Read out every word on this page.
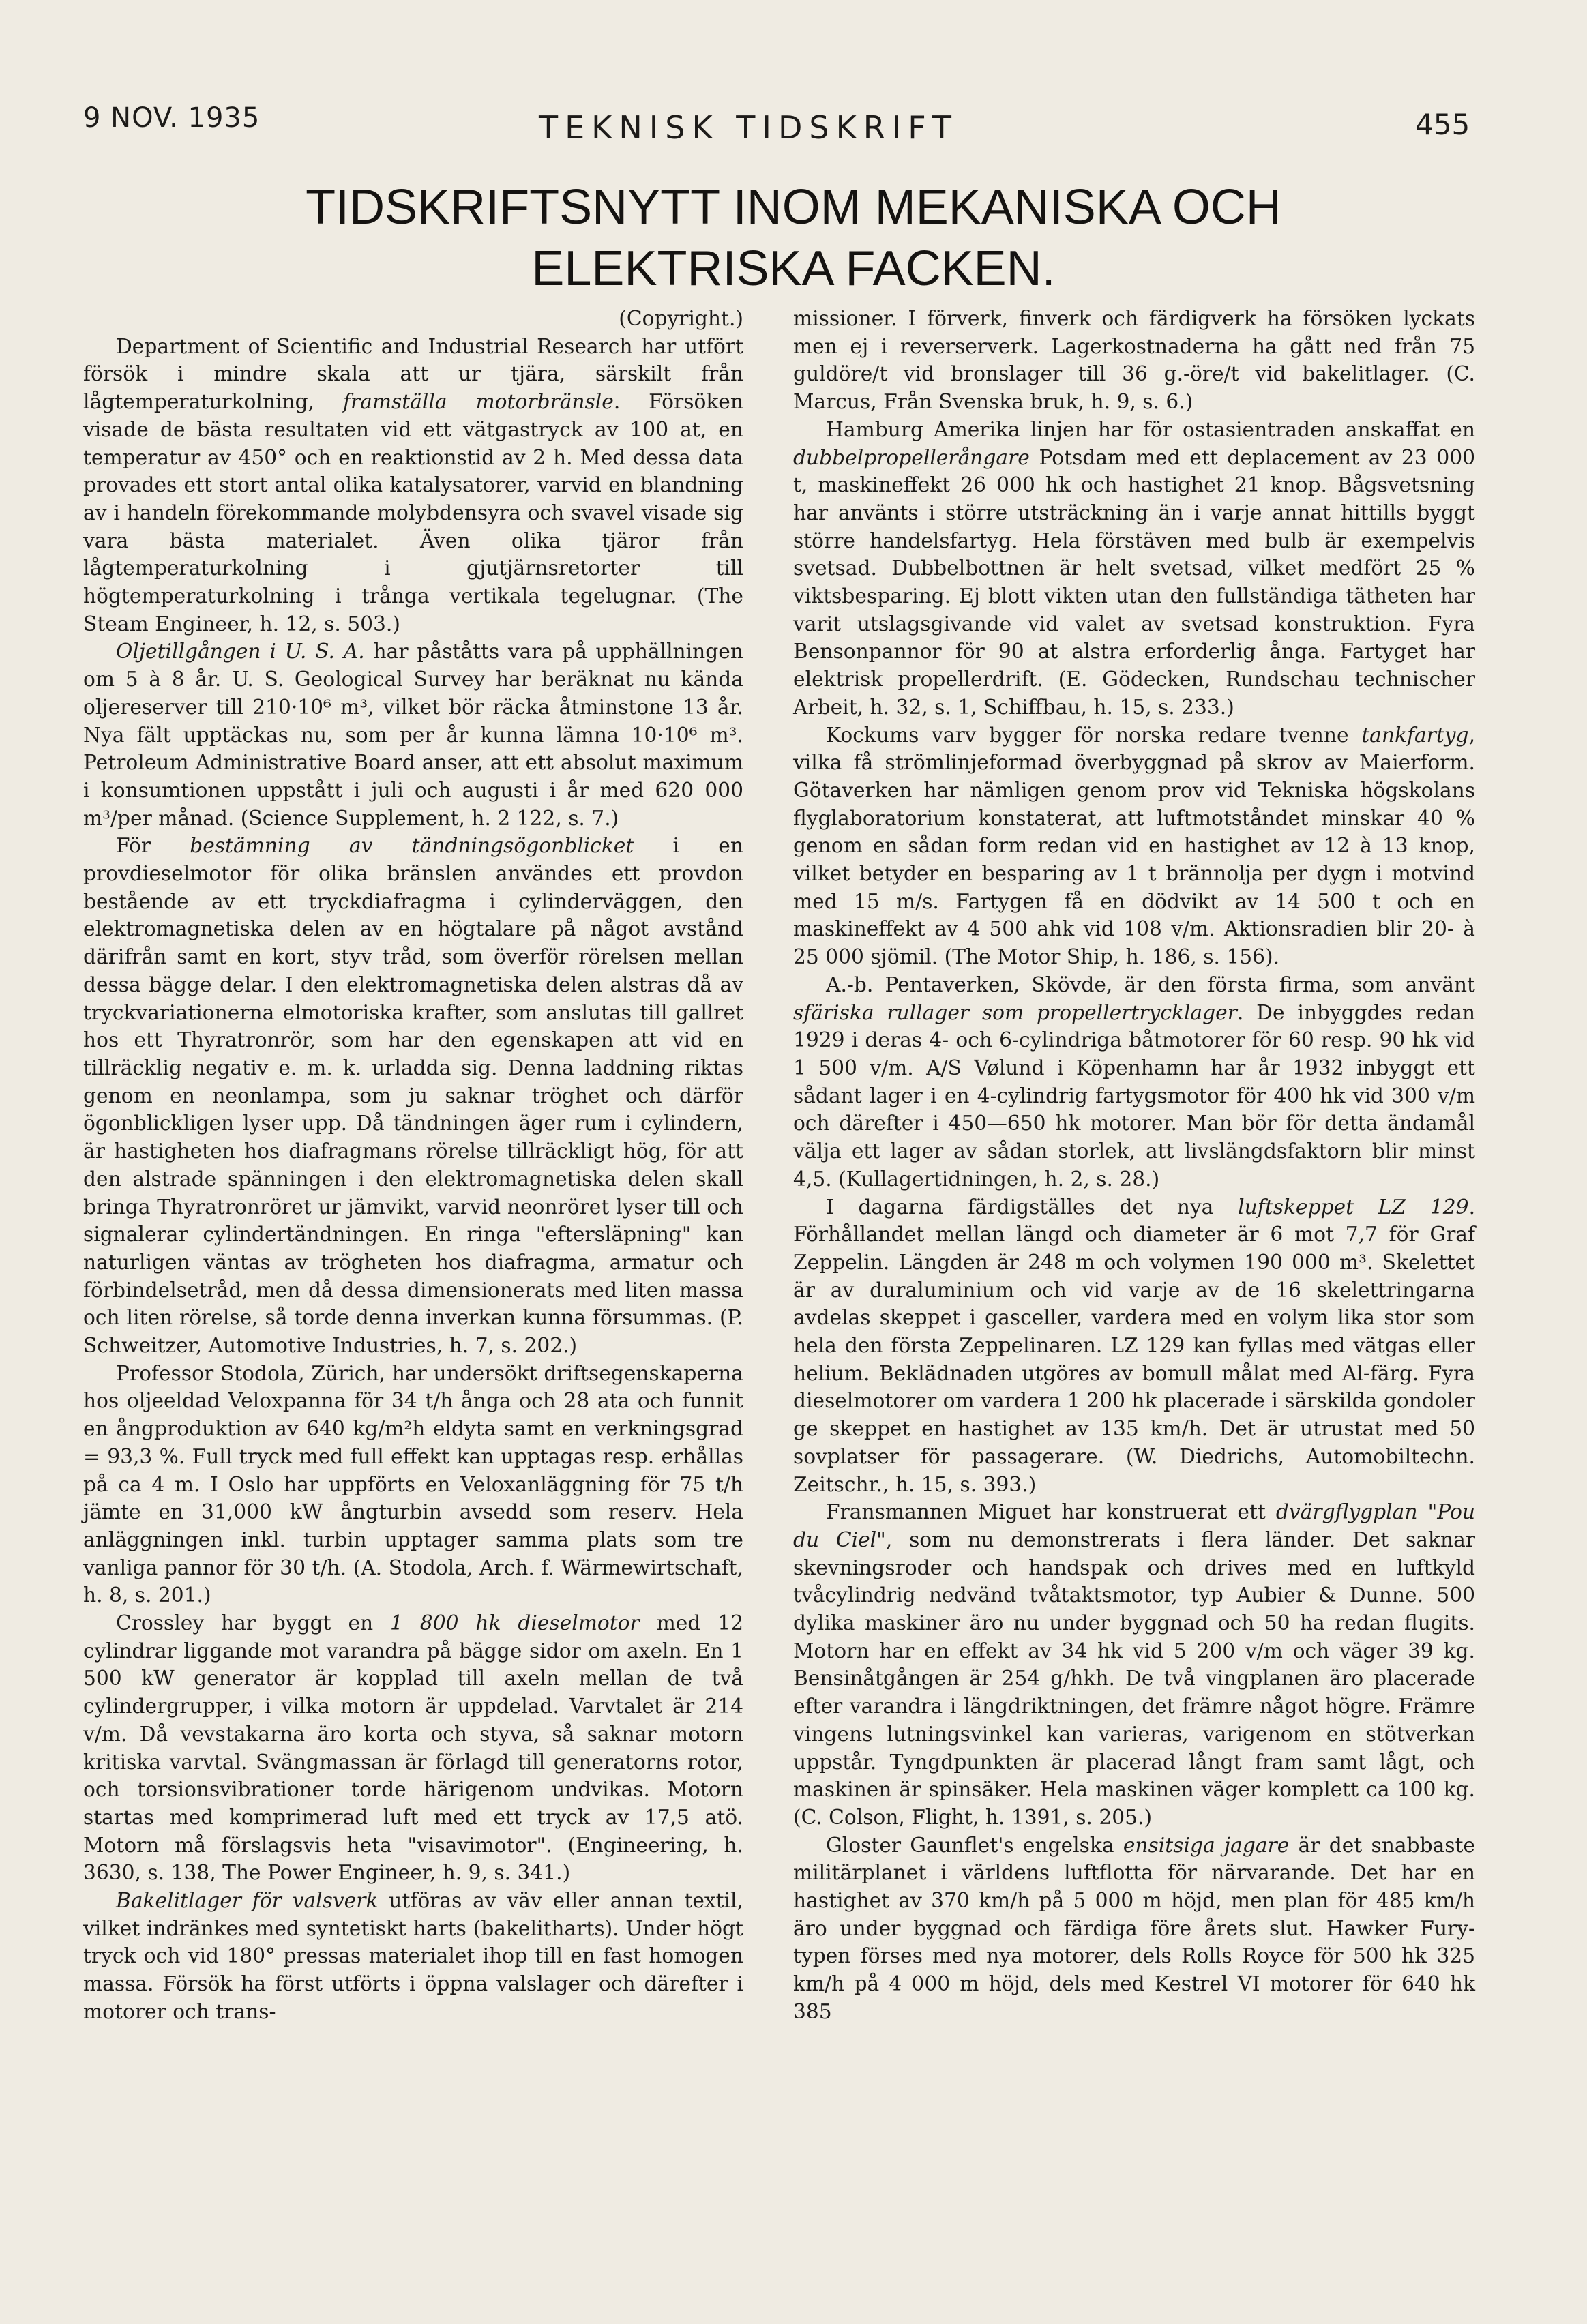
9 NOV. 1935	TEKNISK TIDSKRIFT	455
TIDSKRIFTSNYTT INOM MEKANISKA OCH
ELEKTRISKA FACKEN.

(Copyright.)

Department of Scientific and Industrial Research har utfört försök i mindre skala att ur tjära, särskilt från lågtemperaturkolning, framställa motorbränsle. Försöken visade de bästa resultaten vid ett vätgastryck av 100 at, en temperatur av 450° och en reaktionstid av 2 h. Med dessa data provades ett stort antal olika katalysatorer, varvid en blandning av i handeln förekommande molybdensyra och svavel visade sig vara bästa materialet. Även olika tjäror från lågtemperaturkolning i gjutjärnsretorter till högtemperaturkolning i trånga vertikala tegelugnar. (The Steam Engineer, h. 12, s. 503.)

Oljetillgången i U. S. A. har påståtts vara på upphällningen om 5 à 8 år. U. S. Geological Survey har beräknat nu kända oljereserver till 210·10⁶ m³, vilket bör räcka åtminstone 13 år. Nya fält upptäckas nu, som per år kunna lämna 10·10⁶ m³. Petroleum Administrative Board anser, att ett absolut maximum i konsumtionen uppstått i juli och augusti i år med 620 000 m³/per månad. (Science Supplement, h. 2 122, s. 7.)

För bestämning av tändningsögonblicket i en provdieselmotor för olika bränslen användes ett provdon bestående av ett tryckdiafragma i cylinderväggen, den elektromagnetiska delen av en högtalare på något avstånd därifrån samt en kort, styv tråd, som överför rörelsen mellan dessa bägge delar. I den elektromagnetiska delen alstras då av tryckvariationerna elmotoriska krafter, som anslutas till gallret hos ett Thyratronrör, som har den egenskapen att vid en tillräcklig negativ e. m. k. urladda sig. Denna laddning riktas genom en neonlampa, som ju saknar tröghet och därför ögonblickligen lyser upp. Då tändningen äger rum i cylindern, är hastigheten hos diafragmans rörelse tillräckligt hög, för att den alstrade spänningen i den elektromagnetiska delen skall bringa Thyratronröret ur jämvikt, varvid neonröret lyser till och signalerar cylindertändningen. En ringa "eftersläpning" kan naturligen väntas av trögheten hos diafragma, armatur och förbindelsetråd, men då dessa dimensionerats med liten massa och liten rörelse, så torde denna inverkan kunna försummas. (P. Schweitzer, Automotive Industries, h. 7, s. 202.)

Professor Stodola, Zürich, har undersökt driftsegenskaperna hos oljeeldad Veloxpanna för 34 t/h ånga och 28 ata och funnit en ångproduktion av 640 kg/m²h eldyta samt en verkningsgrad = 93,3 %. Full tryck med full effekt kan upptagas resp. erhållas på ca 4 m. I Oslo har uppförts en Veloxanläggning för 75 t/h jämte en 31,000 kW ångturbin avsedd som reserv. Hela anläggningen inkl. turbin upptager samma plats som tre vanliga pannor för 30 t/h. (A. Stodola, Arch. f. Wärmewirtschaft, h. 8, s. 201.)

Crossley har byggt en 1 800 hk dieselmotor med 12 cylindrar liggande mot varandra på bägge sidor om axeln. En 1 500 kW generator är kopplad till axeln mellan de två cylindergrupper, i vilka motorn är uppdelad. Varvtalet är 214 v/m. Då vevstakarna äro korta och styva, så saknar motorn kritiska varvtal. Svängmassan är förlagd till generatorns rotor, och torsionsvibrationer torde härigenom undvikas. Motorn startas med komprimerad luft med ett tryck av 17,5 atö. Motorn må förslagsvis heta "visavimotor". (Engineering, h. 3630, s. 138, The Power Engineer, h. 9, s. 341.)

Bakelitlager för valsverk utföras av väv eller annan textil, vilket indränkes med syntetiskt harts (bakelitharts). Under högt tryck och vid 180° pressas materialet ihop till en fast homogen massa. Försök ha först utförts i öppna valslager och därefter i motorer och trans-

missioner. I förverk, finverk och färdigverk ha försöken lyckats men ej i reverserverk. Lagerkostnaderna ha gått ned från 75 guldöre/t vid bronslager till 36 g.-öre/t vid bakelitlager. (C. Marcus, Från Svenska bruk, h. 9, s. 6.)

Hamburg Amerika linjen har för ostasientraden anskaffat en dubbelpropellerångare Potsdam med ett deplacement av 23 000 t, maskineffekt 26 000 hk och hastighet 21 knop. Bågsvetsning har använts i större utsträckning än i varje annat hittills byggt större handelsfartyg. Hela förstäven med bulb är exempelvis svetsad. Dubbelbottnen är helt svetsad, vilket medfört 25 % viktsbesparing. Ej blott vikten utan den fullständiga tätheten har varit utslagsgivande vid valet av svetsad konstruktion. Fyra Bensonpannor för 90 at alstra erforderlig ånga. Fartyget har elektrisk propellerdrift. (E. Gödecken, Rundschau technischer Arbeit, h. 32, s. 1, Schiffbau, h. 15, s. 233.)

Kockums varv bygger för norska redare tvenne tankfartyg, vilka få strömlinjeformad överbyggnad på skrov av Maierform. Götaverken har nämligen genom prov vid Tekniska högskolans flyglaboratorium konstaterat, att luftmotståndet minskar 40 % genom en sådan form redan vid en hastighet av 12 à 13 knop, vilket betyder en besparing av 1 t brännolja per dygn i motvind med 15 m/s. Fartygen få en dödvikt av 14 500 t och en maskineffekt av 4 500 ahk vid 108 v/m. Aktionsradien blir 20- à 25 000 sjömil. (The Motor Ship, h. 186, s. 156).

A.-b. Pentaverken, Skövde, är den första firma, som använt sfäriska rullager som propellertrycklager. De inbyggdes redan 1929 i deras 4- och 6-cylindriga båtmotorer för 60 resp. 90 hk vid 1 500 v/m. A/S Vølund i Köpenhamn har år 1932 inbyggt ett sådant lager i en 4-cylindrig fartygsmotor för 400 hk vid 300 v/m och därefter i 450—650 hk motorer. Man bör för detta ändamål välja ett lager av sådan storlek, att livslängdsfaktorn blir minst 4,5. (Kullagertidningen, h. 2, s. 28.)

I dagarna färdigställes det nya luftskeppet LZ 129. Förhållandet mellan längd och diameter är 6 mot 7,7 för Graf Zeppelin. Längden är 248 m och volymen 190 000 m³. Skelettet är av duraluminium och vid varje av de 16 skelettringarna avdelas skeppet i gasceller, vardera med en volym lika stor som hela den första Zeppelinaren. LZ 129 kan fyllas med vätgas eller helium. Beklädnaden utgöres av bomull målat med Al-färg. Fyra dieselmotorer om vardera 1 200 hk placerade i särskilda gondoler ge skeppet en hastighet av 135 km/h. Det är utrustat med 50 sovplatser för passagerare. (W. Diedrichs, Automobiltechn. Zeitschr., h. 15, s. 393.)

Fransmannen Miguet har konstruerat ett dvärgflygplan "Pou du Ciel", som nu demonstrerats i flera länder. Det saknar skevningsroder och handspak och drives med en luftkyld tvåcylindrig nedvänd tvåtaktsmotor, typ Aubier & Dunne. 500 dylika maskiner äro nu under byggnad och 50 ha redan flugits. Motorn har en effekt av 34 hk vid 5 200 v/m och väger 39 kg. Bensinåtgången är 254 g/hkh. De två vingplanen äro placerade efter varandra i längdriktningen, det främre något högre. Främre vingens lutningsvinkel kan varieras, varigenom en stötverkan uppstår. Tyngdpunkten är placerad långt fram samt lågt, och maskinen är spinsäker. Hela maskinen väger komplett ca 100 kg. (C. Colson, Flight, h. 1391, s. 205.)

Gloster Gaunflet's engelska ensitsiga jagare är det snabbaste militärplanet i världens luftflotta för närvarande. Det har en hastighet av 370 km/h på 5 000 m höjd, men plan för 485 km/h äro under byggnad och färdiga före årets slut. Hawker Fury-typen förses med nya motorer, dels Rolls Royce för 500 hk 325 km/h på 4 000 m höjd, dels med Kestrel VI motorer för 640 hk 385
